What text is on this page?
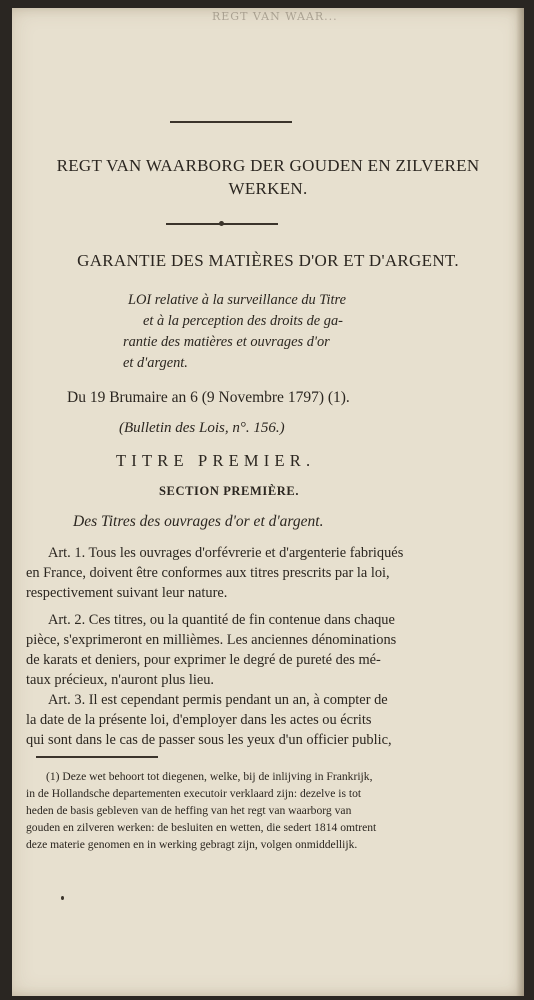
REGT VAN WAAR...
REGT VAN WAARBORG DER GOUDEN EN ZILVEREN
WERKEN.
GARANTIE DES MATIÈRES D'OR ET D'ARGENT.
LOI relative à la surveillance du Titre
et à la perception des droits de ga-
rantie des matières et ouvrages d'or
et d'argent.
Du 19 Brumaire an 6 (9 Novembre 1797) (1).
(Bulletin des Lois, n°. 156.)
TITRE PREMIER.
SECTION PREMIÈRE.
Des Titres des ouvrages d'or et d'argent.
Art. 1. Tous les ouvrages d'orfévrerie et d'argenterie fabriqués
en France, doivent être conformes aux titres prescrits par la loi,
respectivement suivant leur nature.
Art. 2. Ces titres, ou la quantité de fin contenue dans chaque
pièce, s'exprimeront en millièmes. Les anciennes dénominations
de karats et deniers, pour exprimer le degré de pureté des mé-
taux précieux, n'auront plus lieu.
Art. 3. Il est cependant permis pendant un an, à compter de
la date de la présente loi, d'employer dans les actes ou écrits
qui sont dans le cas de passer sous les yeux d'un officier public,
(1) Deze wet behoort tot diegenen, welke, bij de inlijving in Frankrijk,
in de Hollandsche departementen executoir verklaard zijn: dezelve is tot
heden de basis gebleven van de heffing van het regt van waarborg van
gouden en zilveren werken: de besluiten en wetten, die sedert 1814 omtrent
deze materie genomen en in werking gebragt zijn, volgen onmiddellijk.
